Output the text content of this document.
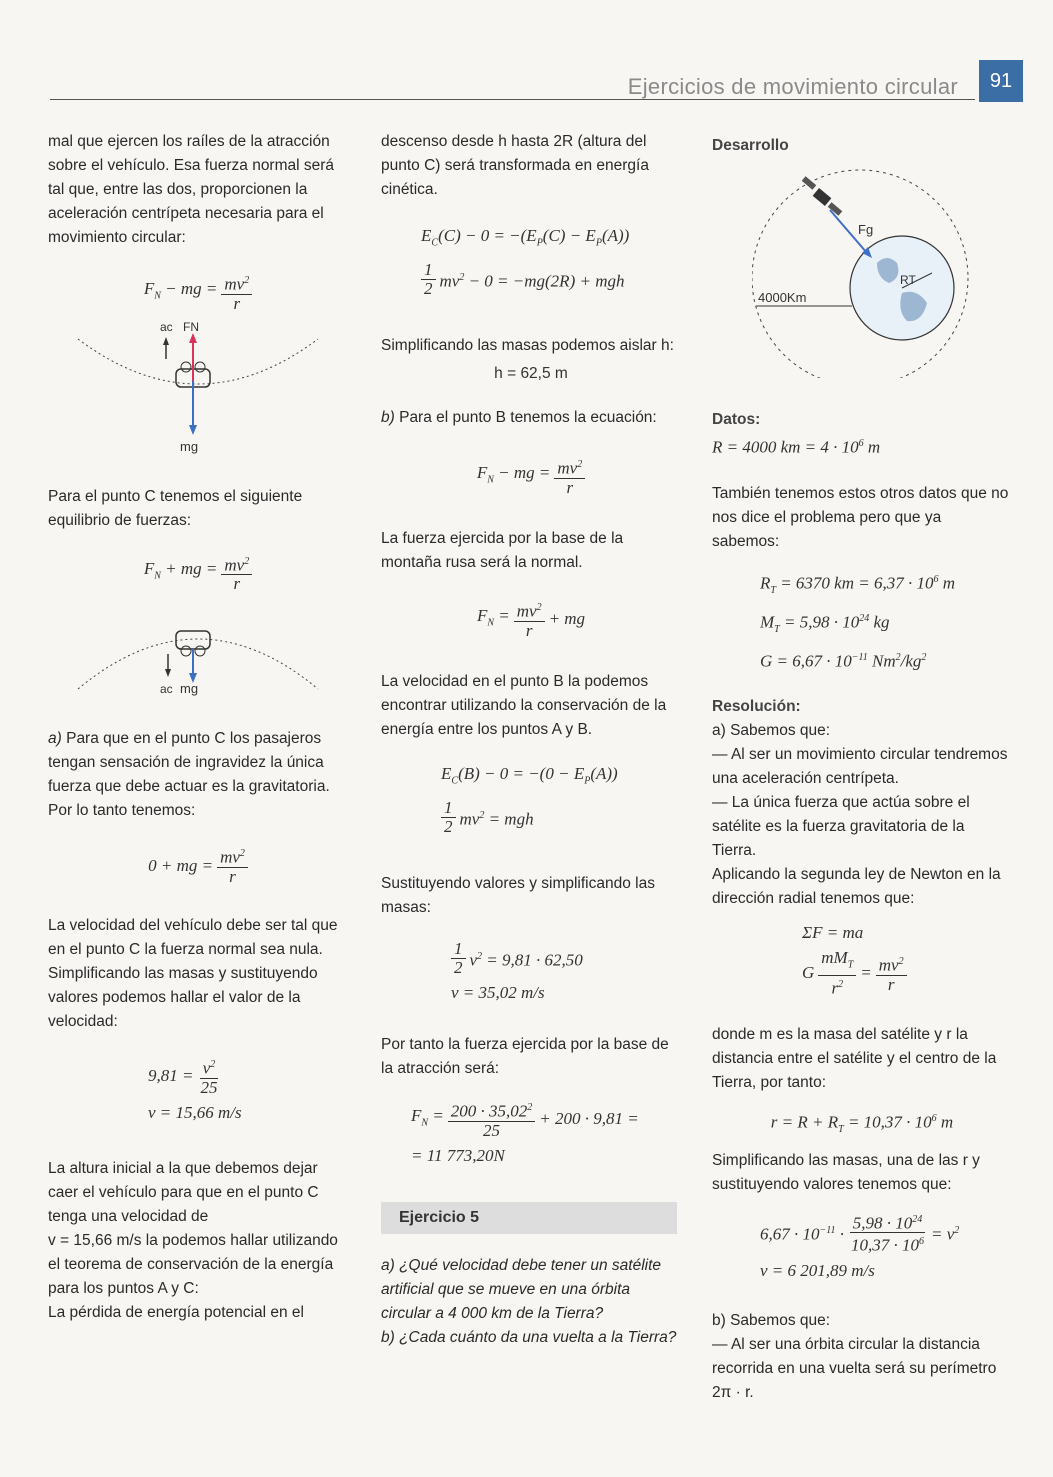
Ejercicios de movimiento circular	91

mal que ejercen los raíles de la atracción sobre el vehículo. Esa fuerza normal será tal que, entre las dos, proporcionen la aceleración centrípeta necesaria para el movimiento circular:

$F_N$ − mg = $\frac{mv^2}{r}$
ac FN
mg

Para el punto C tenemos el siguiente equilibrio de fuerzas:

$F_N$ + mg = $\frac{mv^2}{r}$
ac mg

a) Para que en el punto C los pasajeros tengan sensación de ingravidez la única fuerza que debe actuar es la gravitatoria. Por lo tanto tenemos:

0 + mg = $\frac{mv^2}{r}$

La velocidad del vehículo debe ser tal que en el punto C la fuerza normal sea nula. Simplificando las masas y sustituyendo valores podemos hallar el valor de la velocidad:

$9,81 = \frac{v^2}{25}$
v = 15,66 m/s

La altura inicial a la que debemos dejar caer el vehículo para que en el punto C tenga una velocidad de

v = 15,66 m/s la podemos hallar utilizando el teorema de conservación de la energía para los puntos A y C:

La pérdida de energía potencial en el

descenso desde h hasta 2R (altura del punto C) será transformada en energía cinética.

$E_C(C) - 0 = -(E_P(C) - E_P(A))$
$\frac{1}{2} mv^2 - 0 = -mg(2R)$ + mgh

Simplificando las masas podemos aislar h:

h = 62,5 m

b) Para el punto B tenemos la ecuación:

$F_N$ − mg = $\frac{mv^2}{r}$

La fuerza ejercida por la base de la montaña rusa será la normal.

$F_N = \frac{mv^2}{r}$ + mg

La velocidad en el punto B la podemos encontrar utilizando la conservación de la energía entre los puntos A y B.

$E_C(B) - 0 = -(0 - E_P(A))$
$\frac{1}{2} mv^2$ = mgh

Sustituyendo valores y simplificando las masas:

$\frac{1}{2} v^2 = 9,81 \cdot 62,50$
v = 35,02 m/s

Por tanto la fuerza ejercida por la base de la atracción será:

$F_N = \frac{200 \cdot 35,02^2}{25} + 200 \cdot 9,81$ =
= 11 773,20N
Ejercicio 5

a) ¿Qué velocidad debe tener un satélite artificial que se mueve en una órbita circular a 4 000 km de la Tierra?

b) ¿Cada cuánto da una vuelta a la Tierra?

Desarrollo

Fg
RT
4000Km

Datos:

R = 4000 km = $4 \cdot 10^6$ m

También tenemos estos otros datos que no nos dice el problema pero que ya sabemos:

$R_T = 6370$ km = $6,37 \cdot 10^6$ m
$M_T = 5,98 \cdot 10^{24}$ kg
$G = 6,67 \cdot 10^{-11}$ $Nm^2/kg^2$

Resolución:

a) Sabemos que:

— Al ser un movimiento circular tendremos una aceleración centrípeta.

— La única fuerza que actúa sobre el satélite es la fuerza gravitatoria de la Tierra.

Aplicando la segunda ley de Newton en la dirección radial tenemos que:

ΣF = ma
G $\frac{mM_T}{r^2} = \frac{mv^2}{r}$

donde m es la masa del satélite y r la distancia entre el satélite y el centro de la Tierra, por tanto:

$r = R + R_T = 10,37 \cdot 10^6$ m

Simplificando las masas, una de las r y sustituyendo valores tenemos que:

$6,67 \cdot 10^{-11} \cdot \frac{5,98 \cdot 10^{24}}{10,37 \cdot 10^6} = v^2$
v = 6 201,89 m/s

b) Sabemos que:

— Al ser una órbita circular la distancia recorrida en una vuelta será su perímetro

2π · r.
